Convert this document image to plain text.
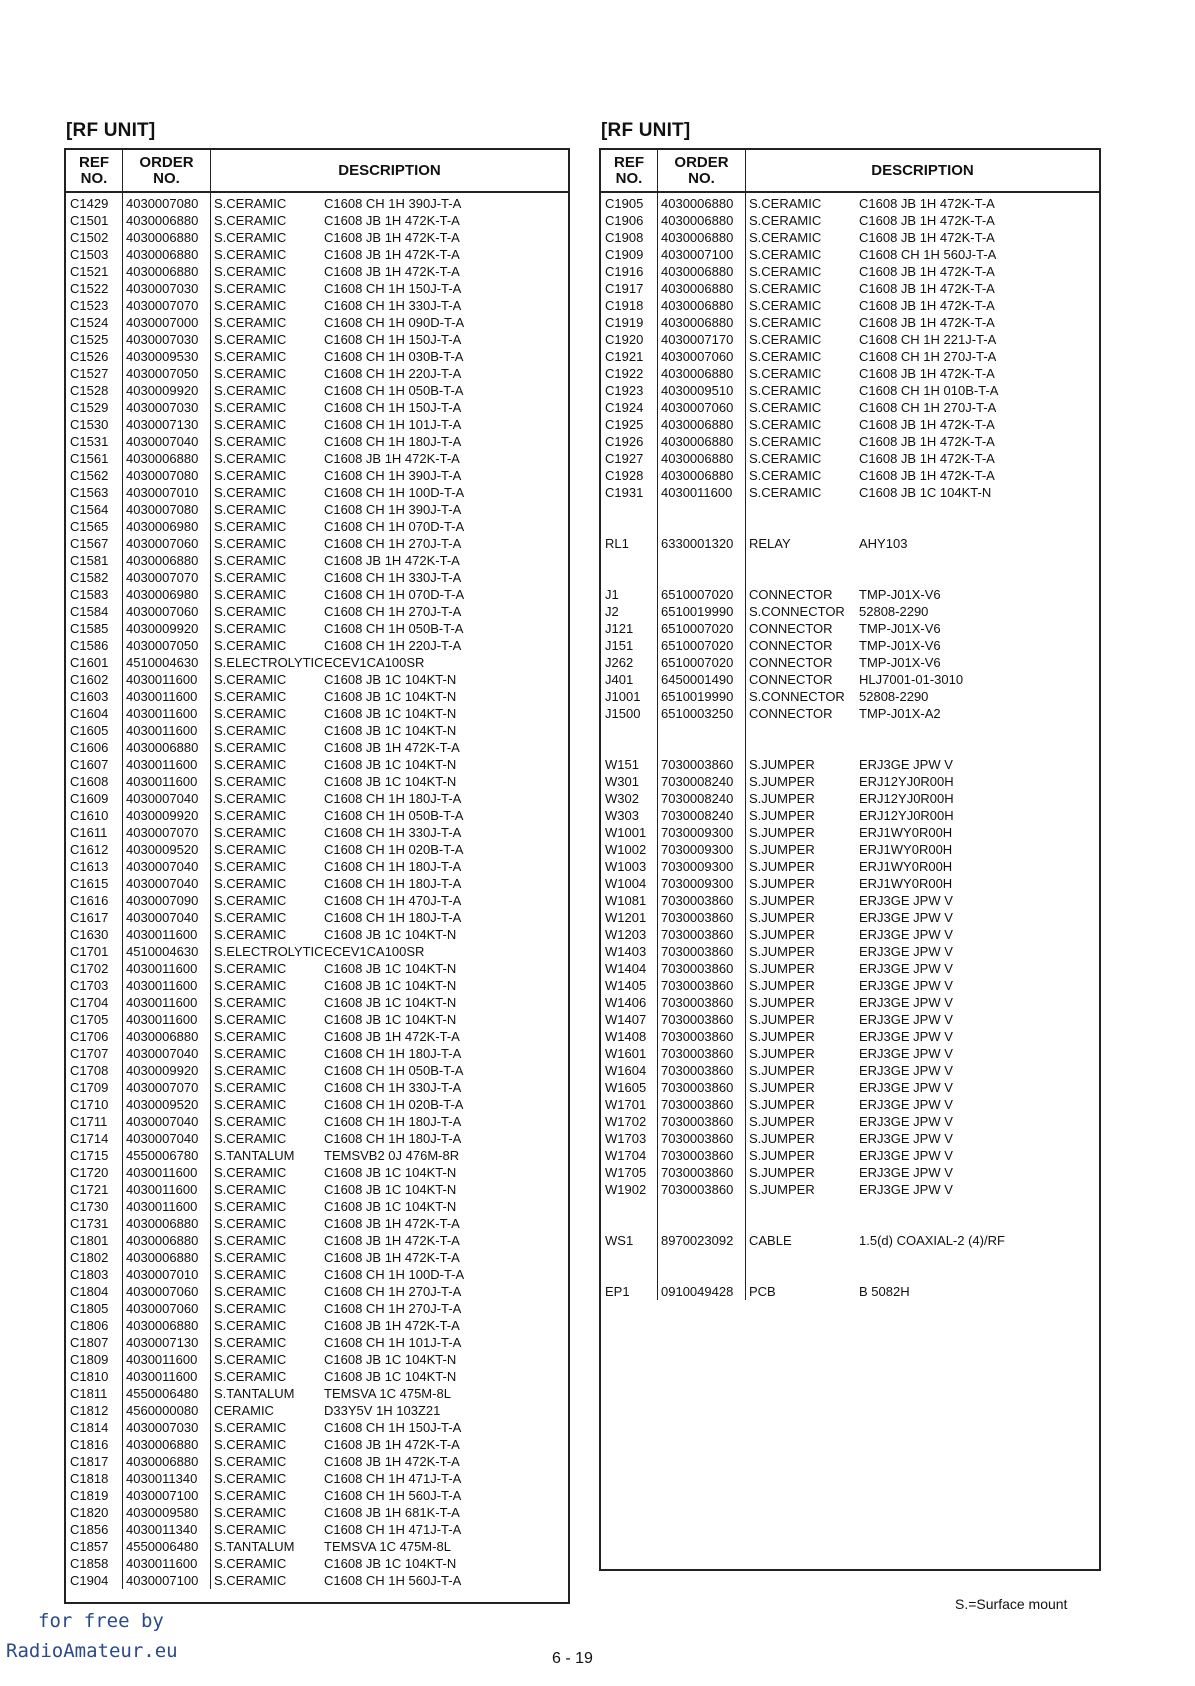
[RF UNIT]
REF
NO.
ORDER
NO.	DESCRIPTION
C1429	4030007080	S.CERAMIC	C1608 CH 1H 390J-T-A
C1501	4030006880	S.CERAMIC	C1608 JB 1H 472K-T-A
C1502	4030006880	S.CERAMIC	C1608 JB 1H 472K-T-A
C1503	4030006880	S.CERAMIC	C1608 JB 1H 472K-T-A
C1521	4030006880	S.CERAMIC	C1608 JB 1H 472K-T-A
C1522	4030007030	S.CERAMIC	C1608 CH 1H 150J-T-A
C1523	4030007070	S.CERAMIC	C1608 CH 1H 330J-T-A
C1524	4030007000	S.CERAMIC	C1608 CH 1H 090D-T-A
C1525	4030007030	S.CERAMIC	C1608 CH 1H 150J-T-A
C1526	4030009530	S.CERAMIC	C1608 CH 1H 030B-T-A
C1527	4030007050	S.CERAMIC	C1608 CH 1H 220J-T-A
C1528	4030009920	S.CERAMIC	C1608 CH 1H 050B-T-A
C1529	4030007030	S.CERAMIC	C1608 CH 1H 150J-T-A
C1530	4030007130	S.CERAMIC	C1608 CH 1H 101J-T-A
C1531	4030007040	S.CERAMIC	C1608 CH 1H 180J-T-A
C1561	4030006880	S.CERAMIC	C1608 JB 1H 472K-T-A
C1562	4030007080	S.CERAMIC	C1608 CH 1H 390J-T-A
C1563	4030007010	S.CERAMIC	C1608 CH 1H 100D-T-A
C1564	4030007080	S.CERAMIC	C1608 CH 1H 390J-T-A
C1565	4030006980	S.CERAMIC	C1608 CH 1H 070D-T-A
C1567	4030007060	S.CERAMIC	C1608 CH 1H 270J-T-A
C1581	4030006880	S.CERAMIC	C1608 JB 1H 472K-T-A
C1582	4030007070	S.CERAMIC	C1608 CH 1H 330J-T-A
C1583	4030006980	S.CERAMIC	C1608 CH 1H 070D-T-A
C1584	4030007060	S.CERAMIC	C1608 CH 1H 270J-T-A
C1585	4030009920	S.CERAMIC	C1608 CH 1H 050B-T-A
C1586	4030007050	S.CERAMIC	C1608 CH 1H 220J-T-A
C1601	4510004630	S.ELECTROLYTIC ECEV1CA100SR
C1602	4030011600	S.CERAMIC	C1608 JB 1C 104KT-N
C1603	4030011600	S.CERAMIC	C1608 JB 1C 104KT-N
C1604	4030011600	S.CERAMIC	C1608 JB 1C 104KT-N
C1605	4030011600	S.CERAMIC	C1608 JB 1C 104KT-N
C1606	4030006880	S.CERAMIC	C1608 JB 1H 472K-T-A
C1607	4030011600	S.CERAMIC	C1608 JB 1C 104KT-N
C1608	4030011600	S.CERAMIC	C1608 JB 1C 104KT-N
C1609	4030007040	S.CERAMIC	C1608 CH 1H 180J-T-A
C1610	4030009920	S.CERAMIC	C1608 CH 1H 050B-T-A
C1611	4030007070	S.CERAMIC	C1608 CH 1H 330J-T-A
C1612	4030009520	S.CERAMIC	C1608 CH 1H 020B-T-A
C1613	4030007040	S.CERAMIC	C1608 CH 1H 180J-T-A
C1615	4030007040	S.CERAMIC	C1608 CH 1H 180J-T-A
C1616	4030007090	S.CERAMIC	C1608 CH 1H 470J-T-A
C1617	4030007040	S.CERAMIC	C1608 CH 1H 180J-T-A
C1630	4030011600	S.CERAMIC	C1608 JB 1C 104KT-N
C1701	4510004630	S.ELECTROLYTIC ECEV1CA100SR
C1702	4030011600	S.CERAMIC	C1608 JB 1C 104KT-N
C1703	4030011600	S.CERAMIC	C1608 JB 1C 104KT-N
C1704	4030011600	S.CERAMIC	C1608 JB 1C 104KT-N
C1705	4030011600	S.CERAMIC	C1608 JB 1C 104KT-N
C1706	4030006880	S.CERAMIC	C1608 JB 1H 472K-T-A
C1707	4030007040	S.CERAMIC	C1608 CH 1H 180J-T-A
C1708	4030009920	S.CERAMIC	C1608 CH 1H 050B-T-A
C1709	4030007070	S.CERAMIC	C1608 CH 1H 330J-T-A
C1710	4030009520	S.CERAMIC	C1608 CH 1H 020B-T-A
C1711	4030007040	S.CERAMIC	C1608 CH 1H 180J-T-A
C1714	4030007040	S.CERAMIC	C1608 CH 1H 180J-T-A
C1715	4550006780	S.TANTALUM	TEMSVB2 0J 476M-8R
C1720	4030011600	S.CERAMIC	C1608 JB 1C 104KT-N
C1721	4030011600	S.CERAMIC	C1608 JB 1C 104KT-N
C1730	4030011600	S.CERAMIC	C1608 JB 1C 104KT-N
C1731	4030006880	S.CERAMIC	C1608 JB 1H 472K-T-A
C1801	4030006880	S.CERAMIC	C1608 JB 1H 472K-T-A
C1802	4030006880	S.CERAMIC	C1608 JB 1H 472K-T-A
C1803	4030007010	S.CERAMIC	C1608 CH 1H 100D-T-A
C1804	4030007060	S.CERAMIC	C1608 CH 1H 270J-T-A
C1805	4030007060	S.CERAMIC	C1608 CH 1H 270J-T-A
C1806	4030006880	S.CERAMIC	C1608 JB 1H 472K-T-A
C1807	4030007130	S.CERAMIC	C1608 CH 1H 101J-T-A
C1809	4030011600	S.CERAMIC	C1608 JB 1C 104KT-N
C1810	4030011600	S.CERAMIC	C1608 JB 1C 104KT-N
C1811	4550006480	S.TANTALUM	TEMSVA 1C 475M-8L
C1812	4560000080	CERAMIC	D33Y5V 1H 103Z21
C1814	4030007030	S.CERAMIC	C1608 CH 1H 150J-T-A
C1816	4030006880	S.CERAMIC	C1608 JB 1H 472K-T-A
C1817	4030006880	S.CERAMIC	C1608 JB 1H 472K-T-A
C1818	4030011340	S.CERAMIC	C1608 CH 1H 471J-T-A
C1819	4030007100	S.CERAMIC	C1608 CH 1H 560J-T-A
C1820	4030009580	S.CERAMIC	C1608 JB 1H 681K-T-A
C1856	4030011340	S.CERAMIC	C1608 CH 1H 471J-T-A
C1857	4550006480	S.TANTALUM	TEMSVA 1C 475M-8L
C1858	4030011600	S.CERAMIC	C1608 JB 1C 104KT-N
C1904	4030007100	S.CERAMIC	C1608 CH 1H 560J-T-A
[RF UNIT]
REF
NO.
ORDER
NO.	DESCRIPTION
C1905	4030006880	S.CERAMIC	C1608 JB 1H 472K-T-A
C1906	4030006880	S.CERAMIC	C1608 JB 1H 472K-T-A
C1908	4030006880	S.CERAMIC	C1608 JB 1H 472K-T-A
C1909	4030007100	S.CERAMIC	C1608 CH 1H 560J-T-A
C1916	4030006880	S.CERAMIC	C1608 JB 1H 472K-T-A
C1917	4030006880	S.CERAMIC	C1608 JB 1H 472K-T-A
C1918	4030006880	S.CERAMIC	C1608 JB 1H 472K-T-A
C1919	4030006880	S.CERAMIC	C1608 JB 1H 472K-T-A
C1920	4030007170	S.CERAMIC	C1608 CH 1H 221J-T-A
C1921	4030007060	S.CERAMIC	C1608 CH 1H 270J-T-A
C1922	4030006880	S.CERAMIC	C1608 JB 1H 472K-T-A
C1923	4030009510	S.CERAMIC	C1608 CH 1H 010B-T-A
C1924	4030007060	S.CERAMIC	C1608 CH 1H 270J-T-A
C1925	4030006880	S.CERAMIC	C1608 JB 1H 472K-T-A
C1926	4030006880	S.CERAMIC	C1608 JB 1H 472K-T-A
C1927	4030006880	S.CERAMIC	C1608 JB 1H 472K-T-A
C1928	4030006880	S.CERAMIC	C1608 JB 1H 472K-T-A
C1931	4030011600	S.CERAMIC	C1608 JB 1C 104KT-N
RL1	6330001320	RELAY	AHY103
J1	6510007020	CONNECTOR	TMP-J01X-V6
J2	6510019990	S.CONNECTOR	52808-2290
J121	6510007020	CONNECTOR	TMP-J01X-V6
J151	6510007020	CONNECTOR	TMP-J01X-V6
J262	6510007020	CONNECTOR	TMP-J01X-V6
J401	6450001490	CONNECTOR	HLJ7001-01-3010
J1001	6510019990	S.CONNECTOR	52808-2290
J1500	6510003250	CONNECTOR	TMP-J01X-A2
W151	7030003860	S.JUMPER	ERJ3GE JPW V
W301	7030008240	S.JUMPER	ERJ12YJ0R00H
W302	7030008240	S.JUMPER	ERJ12YJ0R00H
W303	7030008240	S.JUMPER	ERJ12YJ0R00H
W1001	7030009300	S.JUMPER	ERJ1WY0R00H
W1002	7030009300	S.JUMPER	ERJ1WY0R00H
W1003	7030009300	S.JUMPER	ERJ1WY0R00H
W1004	7030009300	S.JUMPER	ERJ1WY0R00H
W1081	7030003860	S.JUMPER	ERJ3GE JPW V
W1201	7030003860	S.JUMPER	ERJ3GE JPW V
W1203	7030003860	S.JUMPER	ERJ3GE JPW V
W1403	7030003860	S.JUMPER	ERJ3GE JPW V
W1404	7030003860	S.JUMPER	ERJ3GE JPW V
W1405	7030003860	S.JUMPER	ERJ3GE JPW V
W1406	7030003860	S.JUMPER	ERJ3GE JPW V
W1407	7030003860	S.JUMPER	ERJ3GE JPW V
W1408	7030003860	S.JUMPER	ERJ3GE JPW V
W1601	7030003860	S.JUMPER	ERJ3GE JPW V
W1604	7030003860	S.JUMPER	ERJ3GE JPW V
W1605	7030003860	S.JUMPER	ERJ3GE JPW V
W1701	7030003860	S.JUMPER	ERJ3GE JPW V
W1702	7030003860	S.JUMPER	ERJ3GE JPW V
W1703	7030003860	S.JUMPER	ERJ3GE JPW V
W1704	7030003860	S.JUMPER	ERJ3GE JPW V
W1705	7030003860	S.JUMPER	ERJ3GE JPW V
W1902	7030003860	S.JUMPER	ERJ3GE JPW V
WS1	8970023092	CABLE	1.5(d) COAXIAL-2 (4)/RF
EP1	0910049428	PCB	B 5082H
S.=Surface mount
for free by
RadioAmateur.eu	6 - 19
